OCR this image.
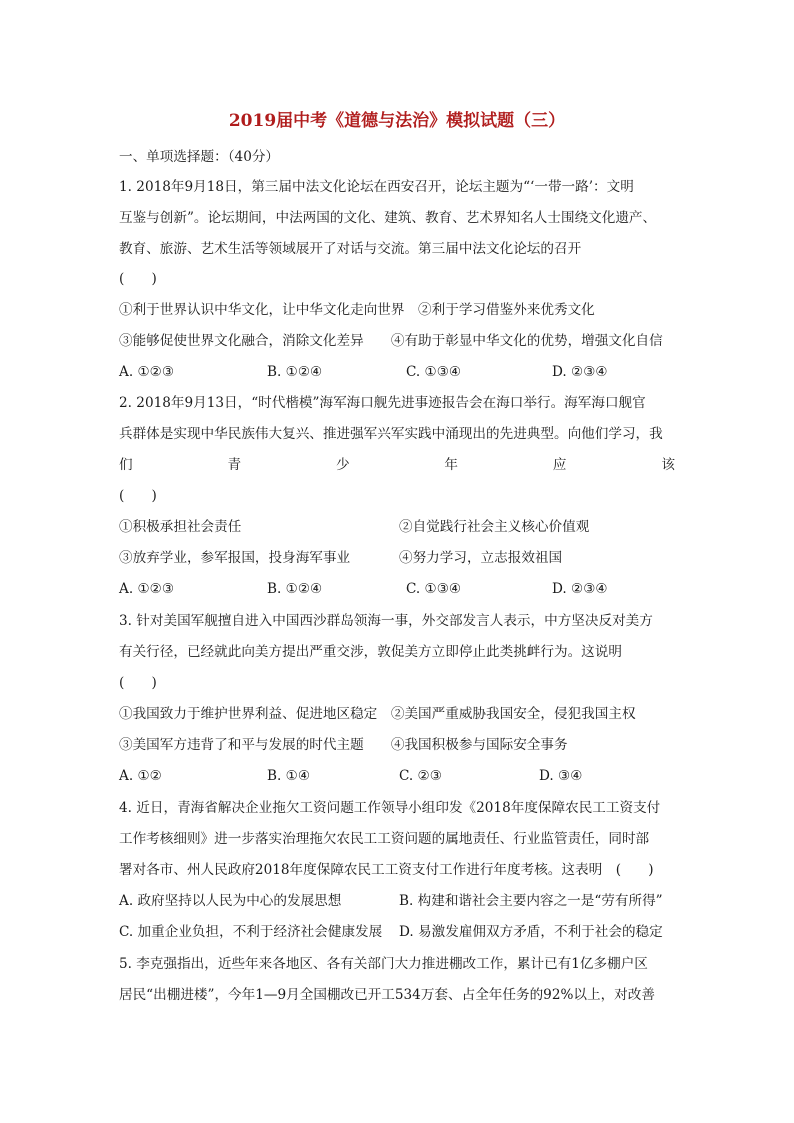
2019届中考《道德与法治》模拟试题（三）
一、单项选择题：（40分）
1. 2018年9月18日，第三届中法文化论坛在西安召开，论坛主题为“‘一带一路’：文明
互鉴与创新”。论坛期间，中法两国的文化、建筑、教育、艺术界知名人士围绕文化遗产、
教育、旅游、艺术生活等领域展开了对话与交流。第三届中法文化论坛的召开
(　　)
①利于世界认识中华文化，让中华文化走向世界　②利于学习借鉴外来优秀文化
③能够促使世界文化融合，消除文化差异　　④有助于彰显中华文化的优势，增强文化自信
A. ①②③	B. ①②④	C. ①③④	D. ②③④
2. 2018年9月13日，“时代楷模”海军海口舰先进事迹报告会在海口举行。海军海口舰官
兵群体是实现中华民族伟大复兴、推进强军兴军实践中涌现出的先进典型。向他们学习，我
们	青	少	年	应	该
(　　)
①积极承担社会责任	②自觉践行社会主义核心价值观
③放弃学业，参军报国，投身海军事业	④努力学习，立志报效祖国
A. ①②③	B. ①②④	C. ①③④	D. ②③④
3. 针对美国军舰擅自进入中国西沙群岛领海一事，外交部发言人表示，中方坚决反对美方
有关行径，已经就此向美方提出严重交涉，敦促美方立即停止此类挑衅行为。这说明
(　　)
①我国致力于维护世界利益、促进地区稳定　②美国严重威胁我国安全，侵犯我国主权
③美国军方违背了和平与发展的时代主题　　④我国积极参与国际安全事务
A. ①②	B. ①④	C. ②③	D. ③④
4. 近日，青海省解决企业拖欠工资问题工作领导小组印发《2018年度保障农民工工资支付
工作考核细则》进一步落实治理拖欠农民工工资问题的属地责任、行业监管责任，同时部
署对各市、州人民政府2018年度保障农民工工资支付工作进行年度考核。这表明　(　　)
A. 政府坚持以人民为中心的发展思想	B. 构建和谐社会主要内容之一是“劳有所得”
C. 加重企业负担，不利于经济社会健康发展 D. 易激发雇佣双方矛盾，不利于社会的稳定
5. 李克强指出，近些年来各地区、各有关部门大力推进棚改工作，累计已有1亿多棚户区
居民“出棚进楼”，今年1—9月全国棚改已开工534万套、占全年任务的92%以上，对改善
